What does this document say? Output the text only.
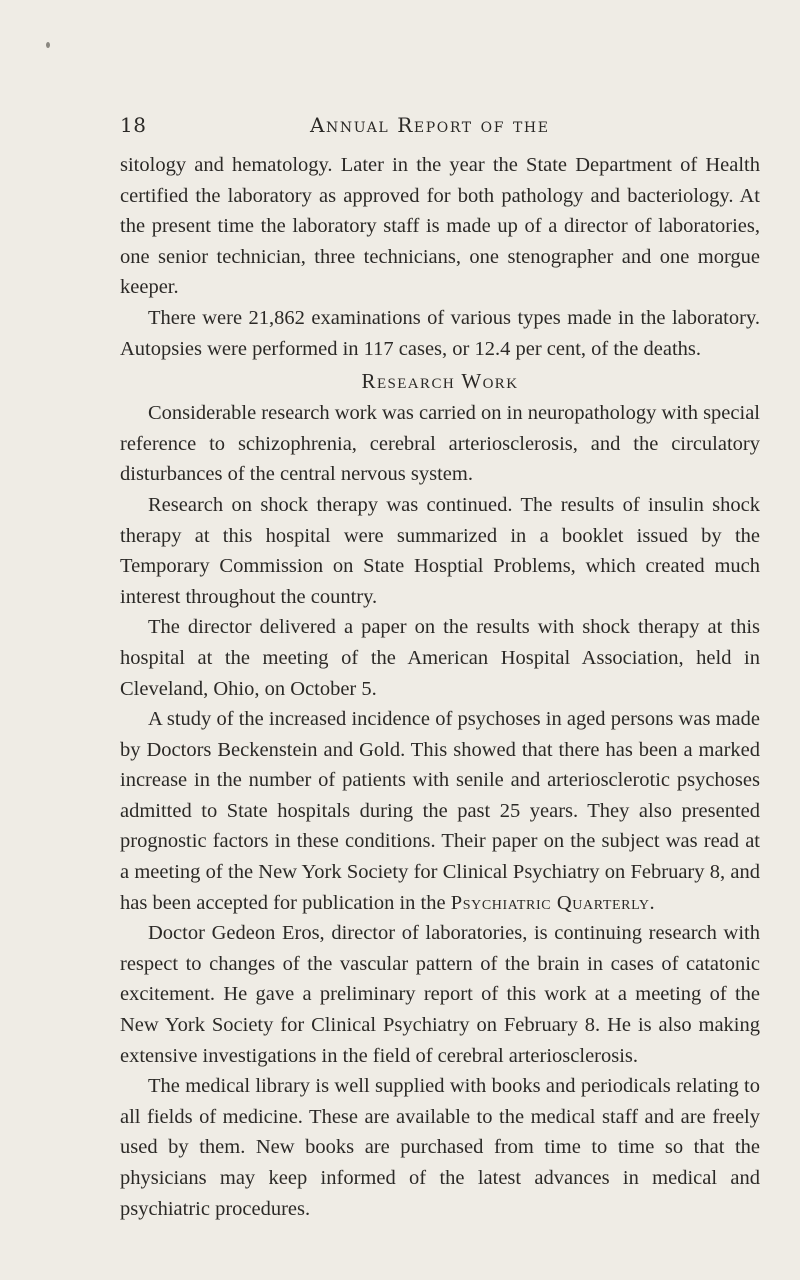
18	Annual Report of the

sitology and hematology. Later in the year the State Department of Health certified the laboratory as approved for both pathology and bacteriology. At the present time the laboratory staff is made up of a director of laboratories, one senior technician, three technicians, one stenographer and one morgue keeper.

There were 21,862 examinations of various types made in the laboratory. Autopsies were performed in 117 cases, or 12.4 per cent, of the deaths.

Research Work

Considerable research work was carried on in neuropathology with special reference to schizophrenia, cerebral arteriosclerosis, and the circulatory disturbances of the central nervous system.

Research on shock therapy was continued. The results of insulin shock therapy at this hospital were summarized in a booklet issued by the Temporary Commission on State Hosptial Problems, which created much interest throughout the country.

The director delivered a paper on the results with shock therapy at this hospital at the meeting of the American Hospital Association, held in Cleveland, Ohio, on October 5.

A study of the increased incidence of psychoses in aged persons was made by Doctors Beckenstein and Gold. This showed that there has been a marked increase in the number of patients with senile and arteriosclerotic psychoses admitted to State hospitals during the past 25 years. They also presented prognostic factors in these conditions. Their paper on the subject was read at a meeting of the New York Society for Clinical Psychiatry on February 8, and has been accepted for publication in the Psychiatric Quarterly.

Doctor Gedeon Eros, director of laboratories, is continuing research with respect to changes of the vascular pattern of the brain in cases of catatonic excitement. He gave a preliminary report of this work at a meeting of the New York Society for Clinical Psychiatry on February 8. He is also making extensive investigations in the field of cerebral arteriosclerosis.

The medical library is well supplied with books and periodicals relating to all fields of medicine. These are available to the medical staff and are freely used by them. New books are purchased from time to time so that the physicians may keep informed of the latest advances in medical and psychiatric procedures.
